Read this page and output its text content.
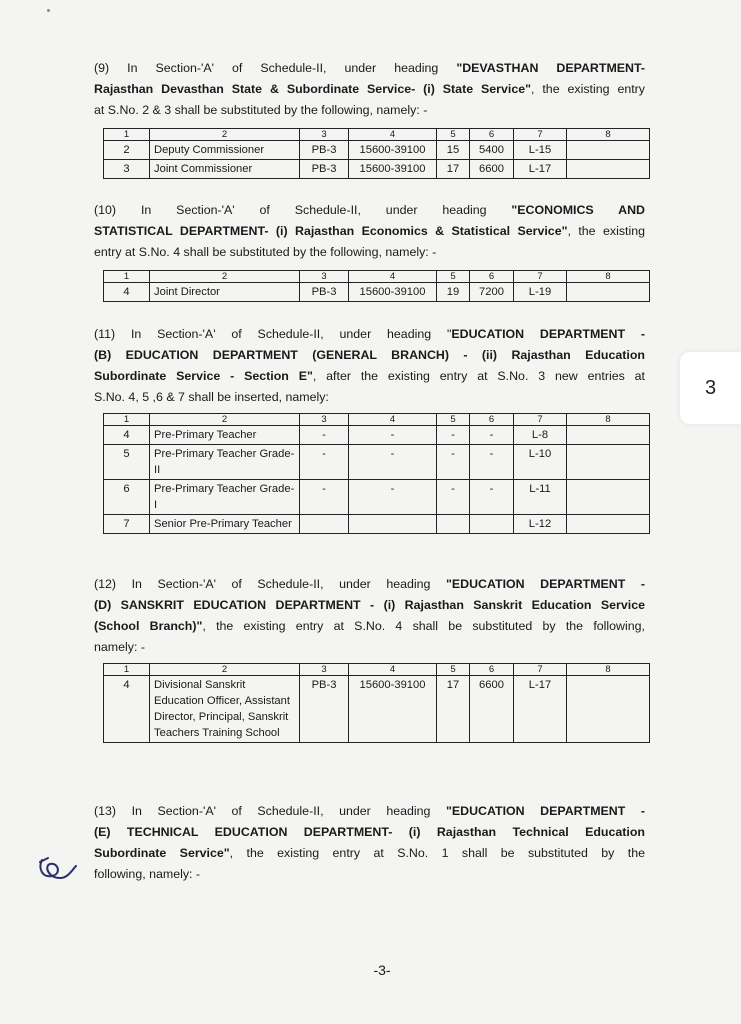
(9) In Section-'A' of Schedule-II, under heading "DEVASTHAN DEPARTMENT-
Rajasthan Devasthan State & Subordinate Service- (i) State Service", the existing entry
at S.No. 2 & 3 shall be substituted by the following, namely: -
1	2	3	4	5	6	7	8
2	Deputy Commissioner	PB-3	15600-39100	15	5400	L-15	
3	Joint Commissioner	PB-3	15600-39100	17	6600	L-17	
(10) In Section-'A' of Schedule-II, under heading "ECONOMICS AND
STATISTICAL DEPARTMENT- (i) Rajasthan Economics & Statistical Service", the existing
entry at S.No. 4 shall be substituted by the following, namely: -
1	2	3	4	5	6	7	8
4	Joint Director	PB-3	15600-39100	19	7200	L-19	
(11) In Section-'A' of Schedule-II, under heading "EDUCATION DEPARTMENT -
(B) EDUCATION DEPARTMENT (GENERAL BRANCH) - (ii) Rajasthan Education
Subordinate Service - Section E", after the existing entry at S.No. 3 new entries at
S.No. 4, 5 ,6 & 7 shall be inserted, namely:
1	2	3	4	5	6	7	8
4	Pre-Primary Teacher	-	-	-	-	L-8	
5	Pre-Primary Teacher Grade-II	-	-	-	-	L-10	
6	Pre-Primary Teacher Grade-I	-	-	-	-	L-11	
7	Senior Pre-Primary Teacher					L-12	
(12) In Section-'A' of Schedule-II, under heading "EDUCATION DEPARTMENT -
(D) SANSKRIT EDUCATION DEPARTMENT - (i) Rajasthan Sanskrit Education Service
(School Branch)", the existing entry at S.No. 4 shall be substituted by the following,
namely: -
1	2	3	4	5	6	7	8
4	Divisional Sanskrit Education Officer, Assistant Director, Principal, Sanskrit Teachers Training School	PB-3	15600-39100	17	6600	L-17	
(13) In Section-'A' of Schedule-II, under heading "EDUCATION DEPARTMENT -
(E) TECHNICAL EDUCATION DEPARTMENT- (i) Rajasthan Technical Education
Subordinate Service", the existing entry at S.No. 1 shall be substituted by the
following, namely: -
3
-3-
